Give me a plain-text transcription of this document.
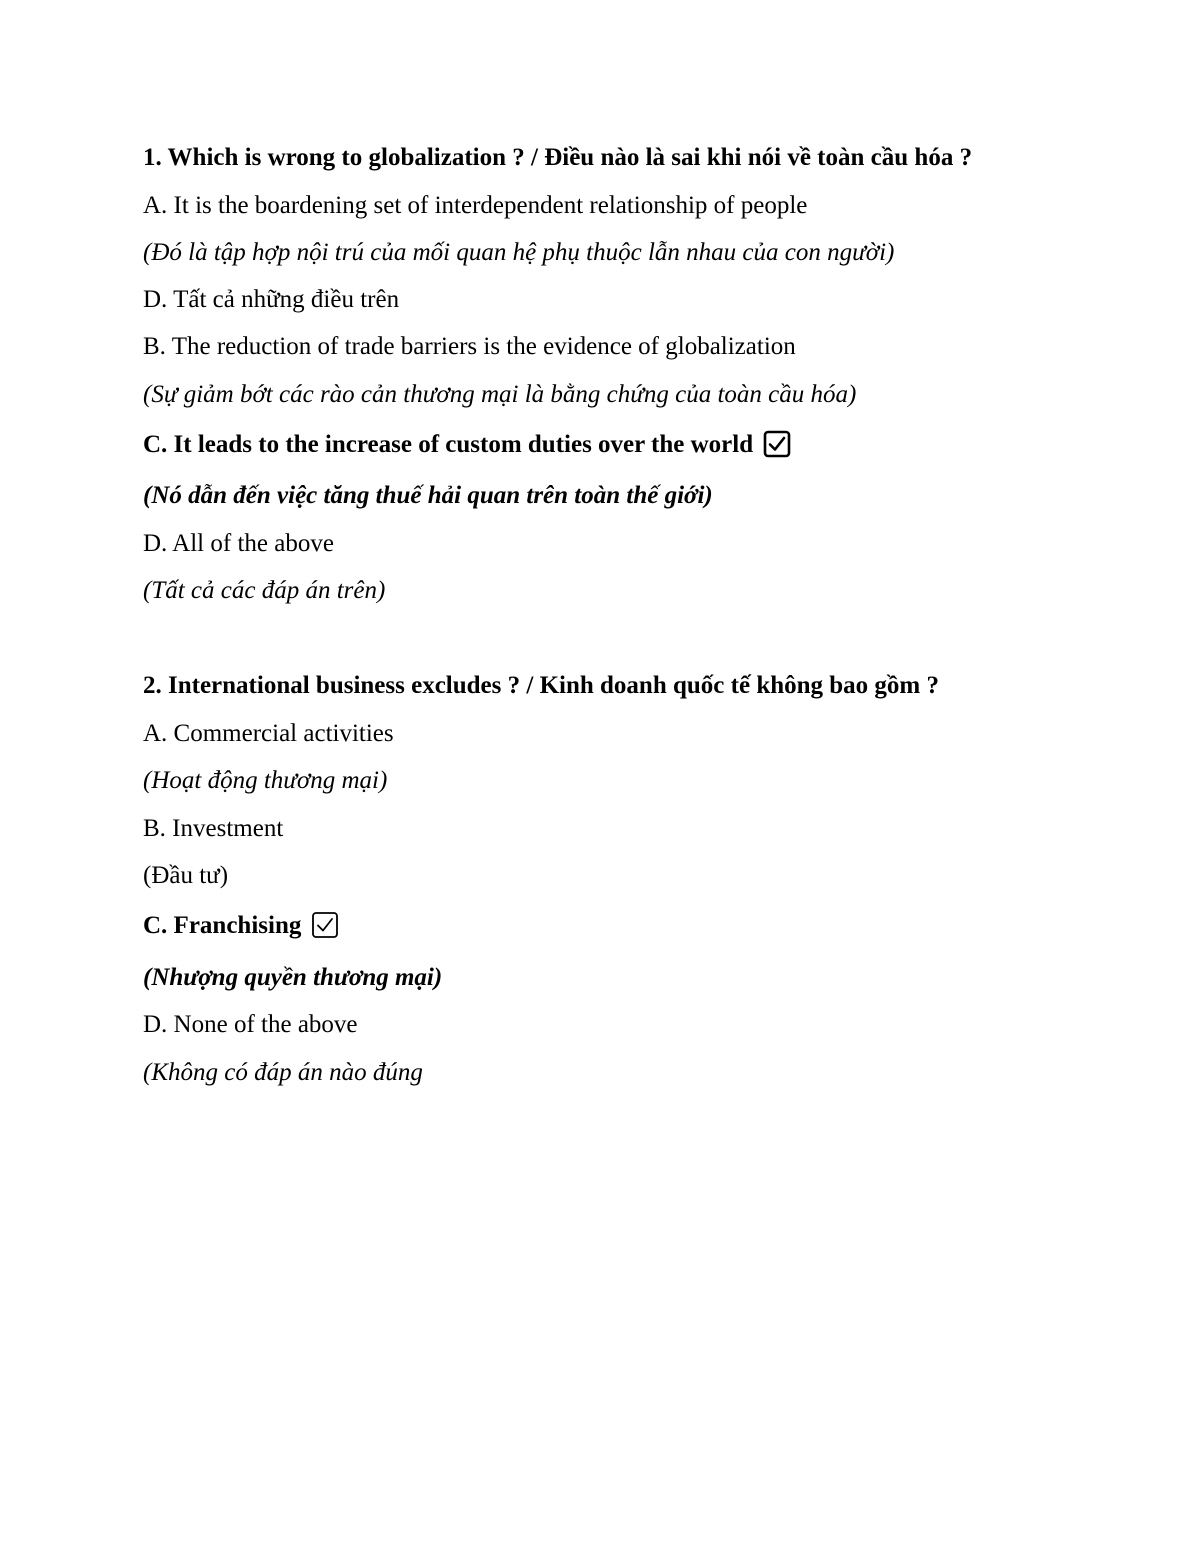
1. Which is wrong to globalization ? / Điều nào là sai khi nói về toàn cầu hóa ?
A. It is the boardening set of interdependent relationship of people
(Đó là tập hợp nội trú của mối quan hệ phụ thuộc lẫn nhau của con người)
D. Tất cả những điều trên
B. The reduction of trade barriers is the evidence of globalization
(Sự giảm bớt các rào cản thương mại là bằng chứng của toàn cầu hóa)
C. It leads to the increase of custom duties over the world
(Nó dẫn đến việc tăng thuế hải quan trên toàn thế giới)
D. All of the above
(Tất cả các đáp án trên)
2. International business excludes ? / Kinh doanh quốc tế không bao gồm ?
A. Commercial activities
(Hoạt động thương mại)
B. Investment
(Đầu tư)
C. Franchising
(Nhượng quyền thương mại)
D. None of the above
(Không có đáp án nào đúng
